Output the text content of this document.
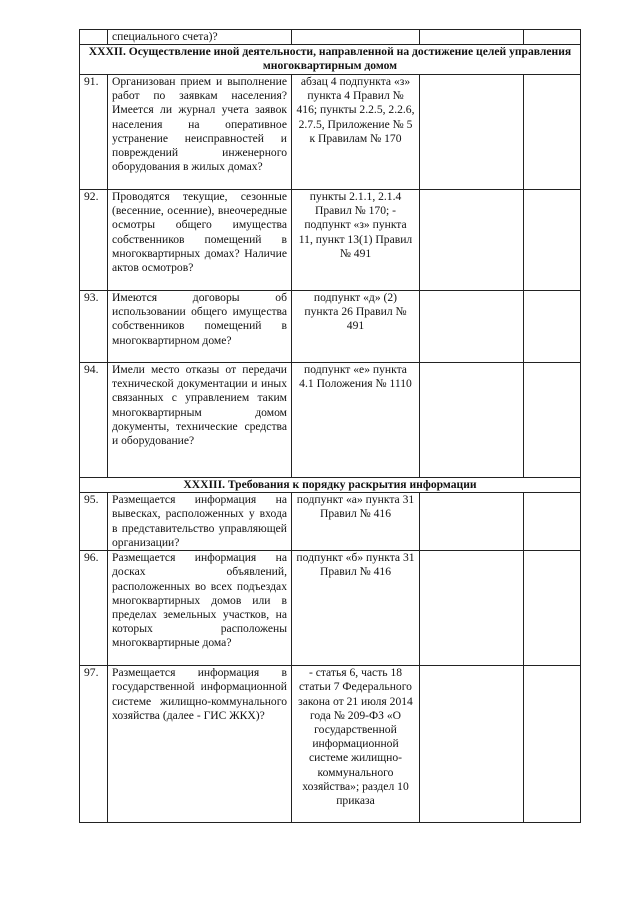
	специального счета)?			
XXXII. Осуществление иной деятельности, направленной на достижение целей управления многоквартирным домом				
91.	Организован прием и выполнение работ по заявкам населения? Имеется ли журнал учета заявок населения на оперативное устранение неисправностей и повреждений инженерного оборудования в жилых домах?	абзац 4 подпункта «з» пункта 4 Правил № 416; пункты 2.2.5, 2.2.6, 2.7.5, Приложение № 5 к Правилам № 170		
92.	Проводятся текущие, сезонные (весенние, осенние), внеочередные осмотры общего имущества собственников помещений в многоквартирных домах? Наличие актов осмотров?	пункты 2.1.1, 2.1.4 Правил № 170; - подпункт «з» пункта 11, пункт 13(1) Правил № 491		
93.	Имеются договоры об использовании общего имущества собственников помещений в многоквартирном доме?	подпункт «д» (2) пункта 26 Правил № 491		
94.	Имели место отказы от передачи технической документации и иных связанных с управлением таким многоквартирным домом документы, технические средства и оборудование?	подпункт «е» пункта 4.1 Положения № 1110		
XXXIII. Требования к порядку раскрытия информации				
95.	Размещается информация на вывесках, расположенных у входа в представительство управляющей организации?	подпункт «а» пункта 31 Правил № 416		
96.	Размещается информация на досках объявлений, расположенных во всех подъездах многоквартирных домов или в пределах земельных участков, на которых расположены многоквартирные дома?	подпункт «б» пункта 31 Правил № 416		
97.	Размещается информация в государственной информационной системе жилищно-коммунального хозяйства (далее - ГИС ЖКХ)?	- статья 6, часть 18 статьи 7 Федерального закона от 21 июля 2014 года № 209-ФЗ «О государственной информационной системе жилищно-коммунального хозяйства»; раздел 10 приказа		
